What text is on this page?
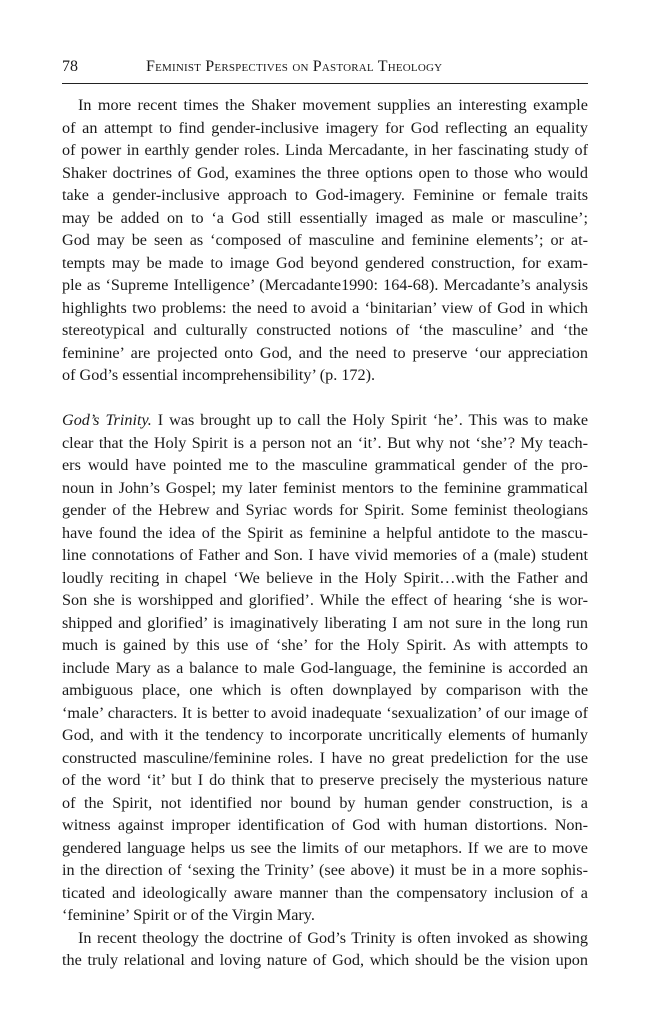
78	Feminist Perspectives on Pastoral Theology
In more recent times the Shaker movement supplies an interesting example
of an attempt to find gender-inclusive imagery for God reflecting an equality
of power in earthly gender roles. Linda Mercadante, in her fascinating study of
Shaker doctrines of God, examines the three options open to those who would
take a gender-inclusive approach to God-imagery. Feminine or female traits
may be added on to ‘a God still essentially imaged as male or masculine’;
God may be seen as ‘composed of masculine and feminine elements’; or at-
tempts may be made to image God beyond gendered construction, for exam-
ple as ‘Supreme Intelligence’ (Mercadante1990: 164-68). Mercadante’s analysis
highlights two problems: the need to avoid a ‘binitarian’ view of God in which
stereotypical and culturally constructed notions of ‘the masculine’ and ‘the
feminine’ are projected onto God, and the need to preserve ‘our appreciation
of God’s essential incomprehensibility’ (p. 172).
God’s Trinity. I was brought up to call the Holy Spirit ‘he’. This was to make
clear that the Holy Spirit is a person not an ‘it’. But why not ‘she’? My teach-
ers would have pointed me to the masculine grammatical gender of the pro-
noun in John’s Gospel; my later feminist mentors to the feminine grammatical
gender of the Hebrew and Syriac words for Spirit. Some feminist theologians
have found the idea of the Spirit as feminine a helpful antidote to the mascu-
line connotations of Father and Son. I have vivid memories of a (male) student
loudly reciting in chapel ‘We believe in the Holy Spirit…with the Father and
Son she is worshipped and glorified’. While the effect of hearing ‘she is wor-
shipped and glorified’ is imaginatively liberating I am not sure in the long run
much is gained by this use of ‘she’ for the Holy Spirit. As with attempts to
include Mary as a balance to male God-language, the feminine is accorded an
ambiguous place, one which is often downplayed by comparison with the
‘male’ characters. It is better to avoid inadequate ‘sexualization’ of our image of
God, and with it the tendency to incorporate uncritically elements of humanly
constructed masculine/feminine roles. I have no great predeliction for the use
of the word ‘it’ but I do think that to preserve precisely the mysterious nature
of the Spirit, not identified nor bound by human gender construction, is a
witness against improper identification of God with human distortions. Non-
gendered language helps us see the limits of our metaphors. If we are to move
in the direction of ‘sexing the Trinity’ (see above) it must be in a more sophis-
ticated and ideologically aware manner than the compensatory inclusion of a
‘feminine’ Spirit or of the Virgin Mary.
In recent theology the doctrine of God’s Trinity is often invoked as showing
the truly relational and loving nature of God, which should be the vision upon
